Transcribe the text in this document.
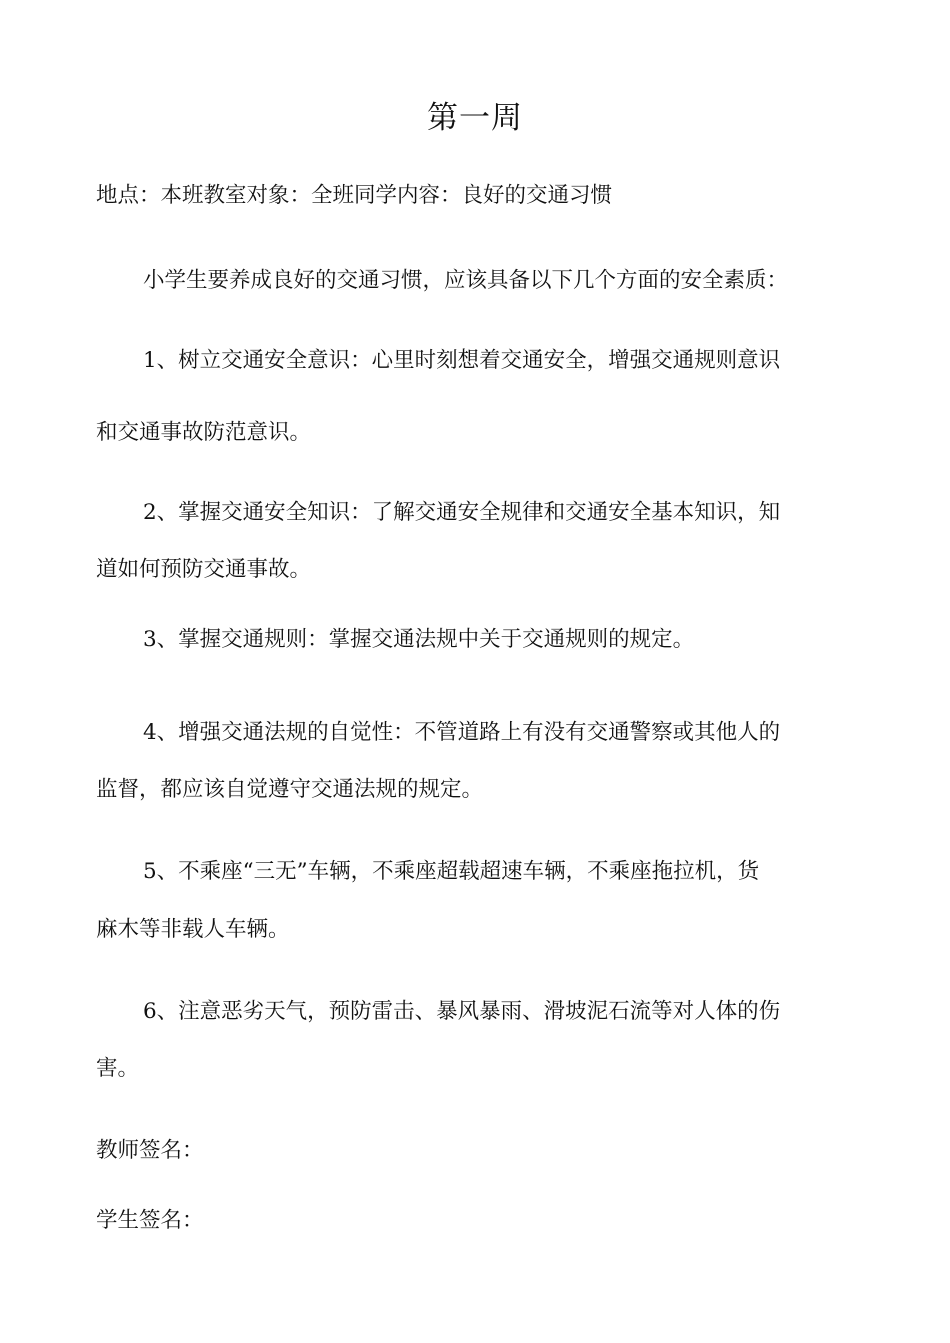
第一周
地点：本班教室对象：全班同学内容：良好的交通习惯
小学生要养成良好的交通习惯，应该具备以下几个方面的安全素质：
1、树立交通安全意识：心里时刻想着交通安全，增强交通规则意识
和交通事故防范意识。
2、掌握交通安全知识：了解交通安全规律和交通安全基本知识，知
道如何预防交通事故。
3、掌握交通规则：掌握交通法规中关于交通规则的规定。
4、增强交通法规的自觉性：不管道路上有没有交通警察或其他人的
监督，都应该自觉遵守交通法规的规定。
5、不乘座“三无”车辆，不乘座超载超速车辆，不乘座拖拉机，货
麻木等非载人车辆。
6、注意恶劣天气，预防雷击、暴风暴雨、滑坡泥石流等对人体的伤
害。
教师签名：
学生签名：
